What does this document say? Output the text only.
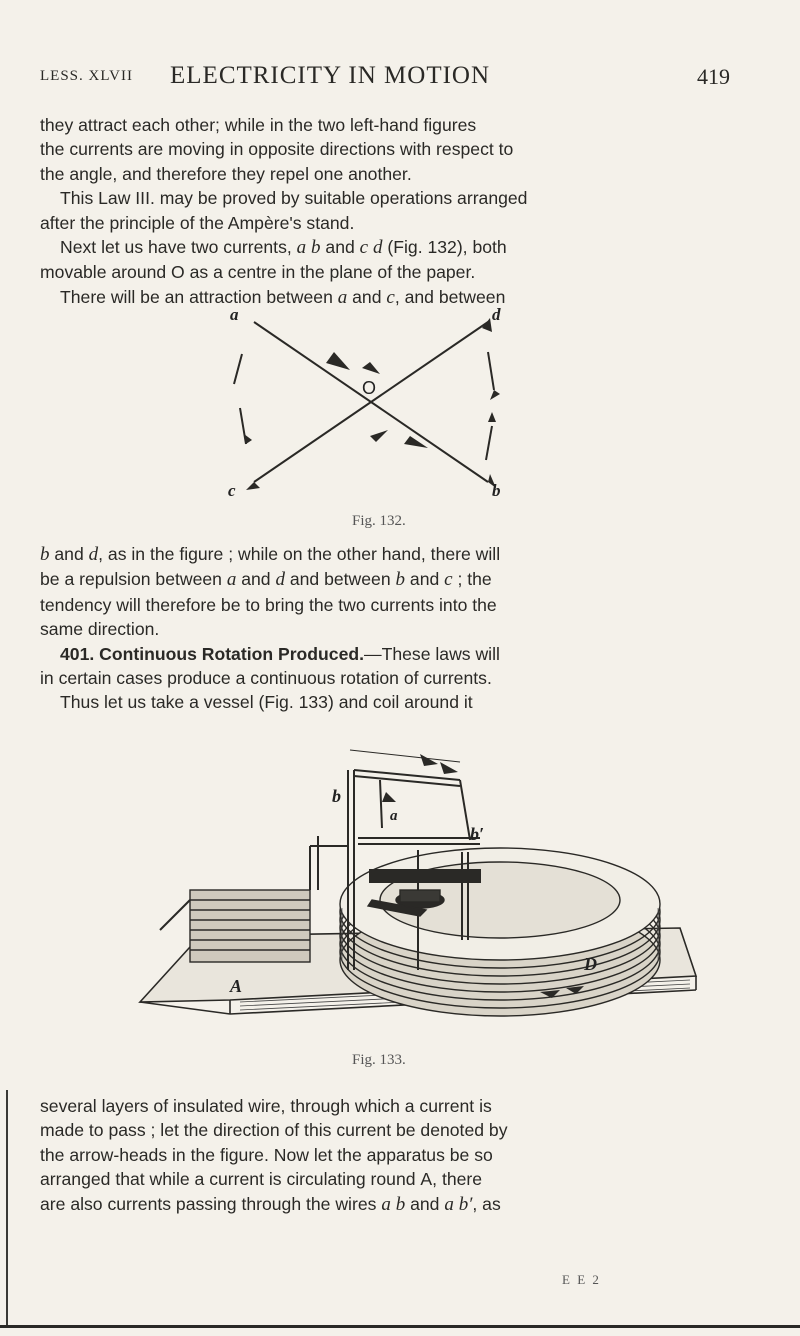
LESS. XLVII ELECTRICITY IN MOTION	419

they attract each other; while in the two left-hand figures
the currents are moving in opposite directions with respect to
the angle, and therefore they repel one another.
This Law III. may be proved by suitable operations arranged
after the principle of the Ampère's stand.
Next let us have two currents, a b and c d (Fig. 132), both
movable around O as a centre in the plane of the paper.
There will be an attraction between a and c, and between

a	d
c	b
O
Fig. 132.

b and d, as in the figure ; while on the other hand, there will
be a repulsion between a and d and between b and c ; the
tendency will therefore be to bring the two currents into the
same direction.
401. Continuous Rotation Produced.—These laws will
in certain cases produce a continuous rotation of currents.
Thus let us take a vessel (Fig. 133) and coil around it

b
a
b′
A
D
Fig. 133.

several layers of insulated wire, through which a current is
made to pass ; let the direction of this current be denoted by
the arrow-heads in the figure. Now let the apparatus be so
arranged that while a current is circulating round A, there
are also currents passing through the wires a b and a b′, as

E E 2
